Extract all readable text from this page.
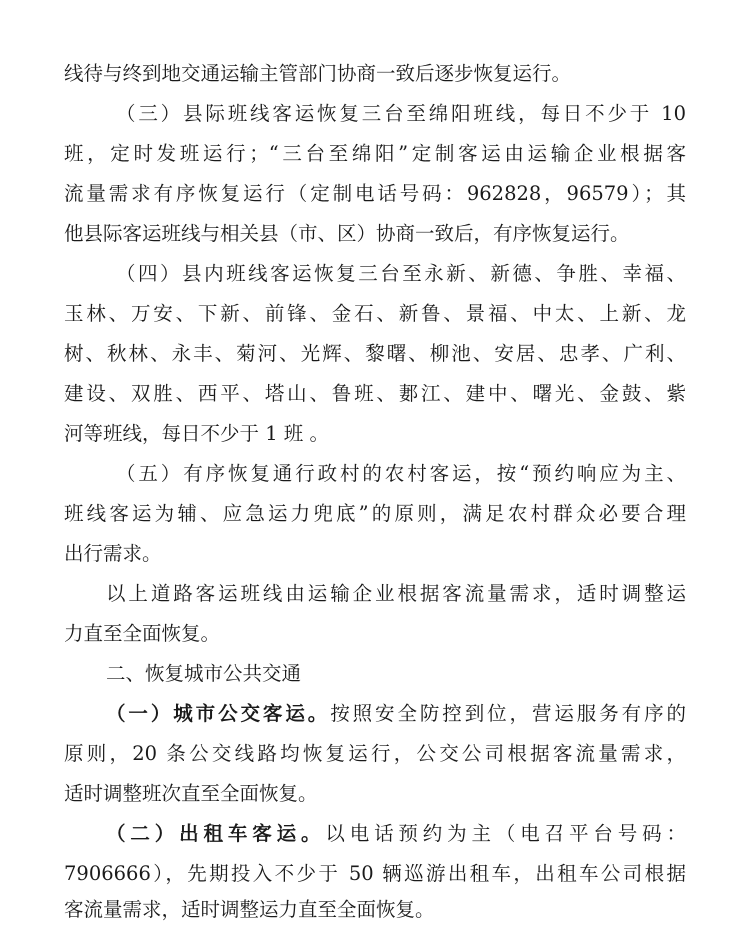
线待与终到地交通运输主管部门协商一致后逐步恢复运行。
（三）县际班线客运恢复三台至绵阳班线，每日不少于 10
班，定时发班运行；“三台至绵阳”定制客运由运输企业根据客
流量需求有序恢复运行（定制电话号码：962828，96579）；其
他县际客运班线与相关县（市、区）协商一致后，有序恢复运行。
（四）县内班线客运恢复三台至永新、新德、争胜、幸福、
玉林、万安、下新、前锋、金石、新鲁、景福、中太、上新、龙
树、秋林、永丰、菊河、光辉、黎曙、柳池、安居、忠孝、广利、
建设、双胜、西平、塔山、鲁班、郪江、建中、曙光、金鼓、紫
河等班线，每日不少于 1 班 。
（五）有序恢复通行政村的农村客运，按“预约响应为主、
班线客运为辅、应急运力兜底”的原则，满足农村群众必要合理
出行需求。
以上道路客运班线由运输企业根据客流量需求，适时调整运
力直至全面恢复。
二、恢复城市公共交通
（一）城市公交客运。按照安全防控到位，营运服务有序的
原则，20 条公交线路均恢复运行，公交公司根据客流量需求，
适时调整班次直至全面恢复。
（二）出租车客运。以电话预约为主（电召平台号码：
7906666），先期投入不少于 50 辆巡游出租车，出租车公司根据
客流量需求，适时调整运力直至全面恢复。
